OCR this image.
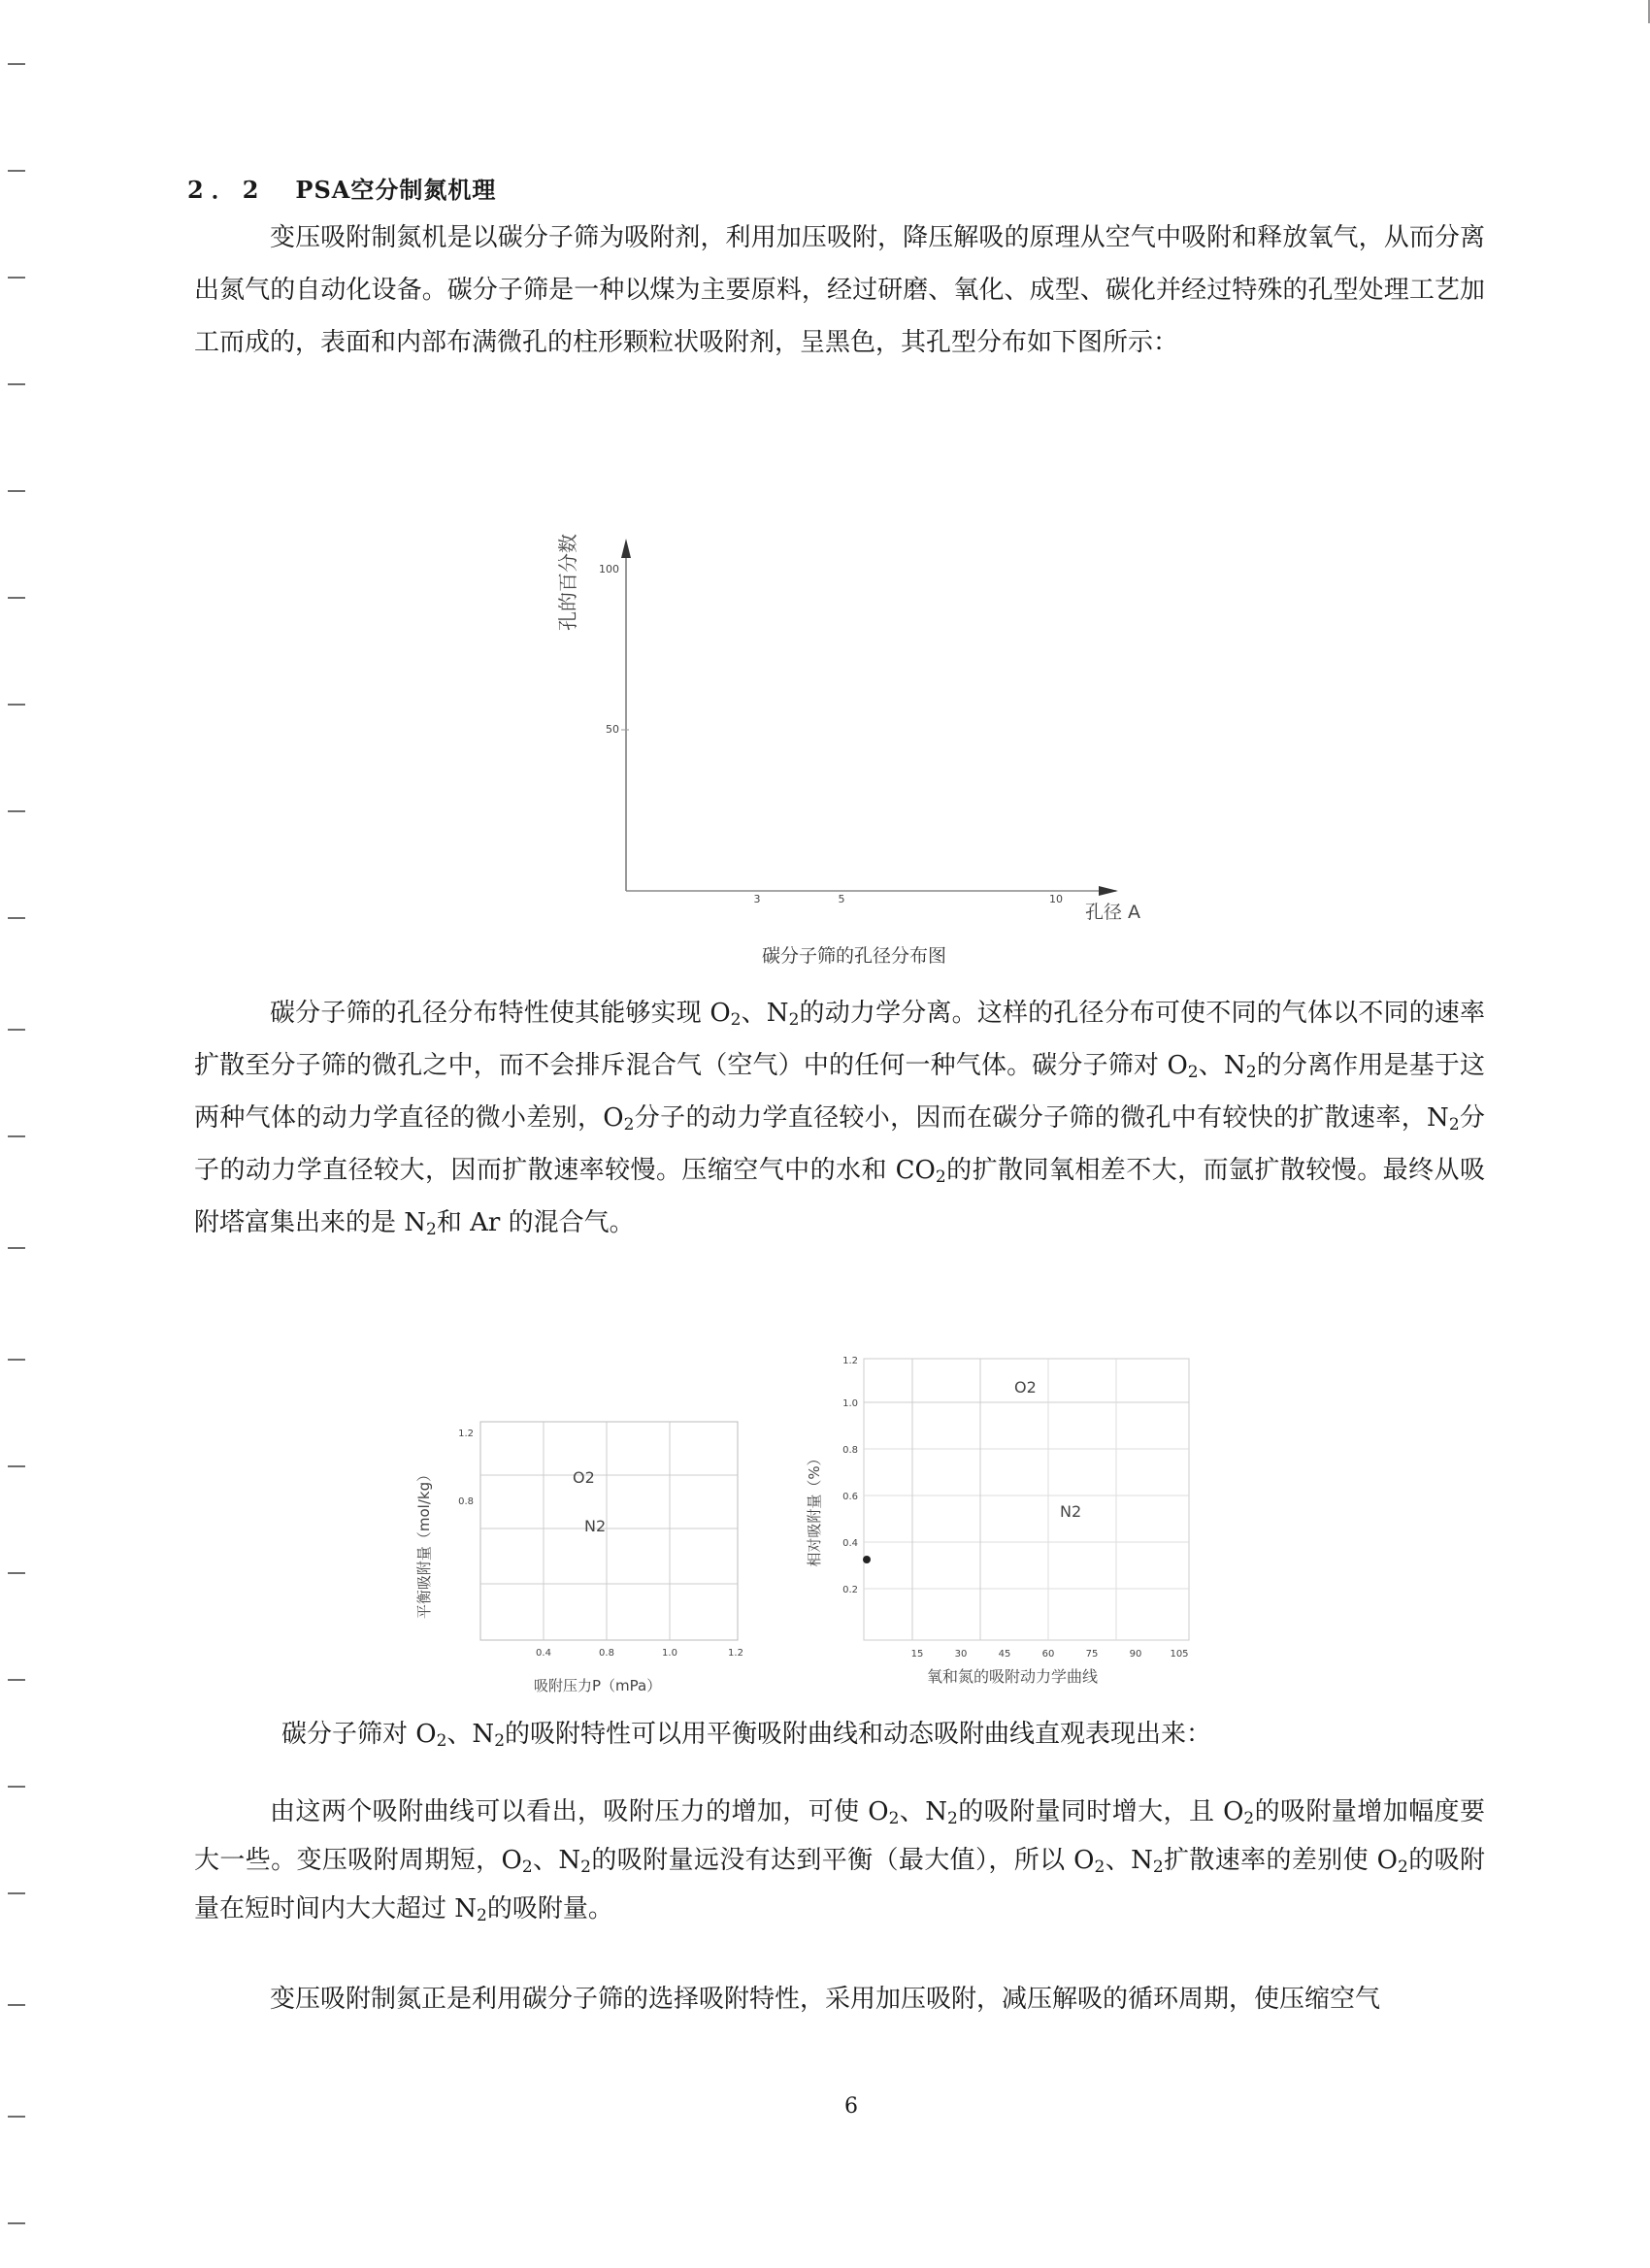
2．2 PSA空分制氮机理

变压吸附制氮机是以碳分子筛为吸附剂，利用加压吸附，降压解吸的原理从空气中吸附和释放氧气，从而分离出氮气的自动化设备。碳分子筛是一种以煤为主要原料，经过研磨、氧化、成型、碳化并经过特殊的孔型处理工艺加工而成的，表面和内部布满微孔的柱形颗粒状吸附剂，呈黑色，其孔型分布如下图所示：

孔的百分数 100
50
3	5	10
孔径 A
碳分子筛的孔径分布图

碳分子筛的孔径分布特性使其能够实现 $O_2$、$N_2$的动力学分离。这样的孔径分布可使不同的气体以不同的速率扩散至分子筛的微孔之中，而不会排斥混合气（空气）中的任何一种气体。碳分子筛对 $O_2$、$N_2$的分离作用是基于这两种气体的动力学直径的微小差别，$O_2$分子的动力学直径较小，因而在碳分子筛的微孔中有较快的扩散速率，$N_2$分子的动力学直径较大，因而扩散速率较慢。压缩空气中的水和 $CO_2$的扩散同氧相差不大，而氩扩散较慢。最终从吸附塔富集出来的是 $N_2$和 Ar 的混合气。

平衡吸附量（mol/kg）
1.2
0.8
0.4	0.8	1.0	1.2
O2
N2
吸附压力P（mPa）
相对吸附量（%）
1.2
1.0
0.8
0.6
0.4
0.2
15	30	45	60	75	90	105
O2
N2
氧和氮的吸附动力学曲线

碳分子筛对 $O_2$、$N_2$的吸附特性可以用平衡吸附曲线和动态吸附曲线直观表现出来：

由这两个吸附曲线可以看出，吸附压力的增加，可使 $O_2$、$N_2$的吸附量同时增大，且 $O_2$的吸附量增加幅度要大一些。变压吸附周期短，$O_2$、$N_2$的吸附量远没有达到平衡（最大值），所以 $O_2$、$N_2$扩散速率的差别使 $O_2$的吸附量在短时间内大大超过 $N_2$的吸附量。

变压吸附制氮正是利用碳分子筛的选择吸附特性，采用加压吸附，减压解吸的循环周期，使压缩空气

6
